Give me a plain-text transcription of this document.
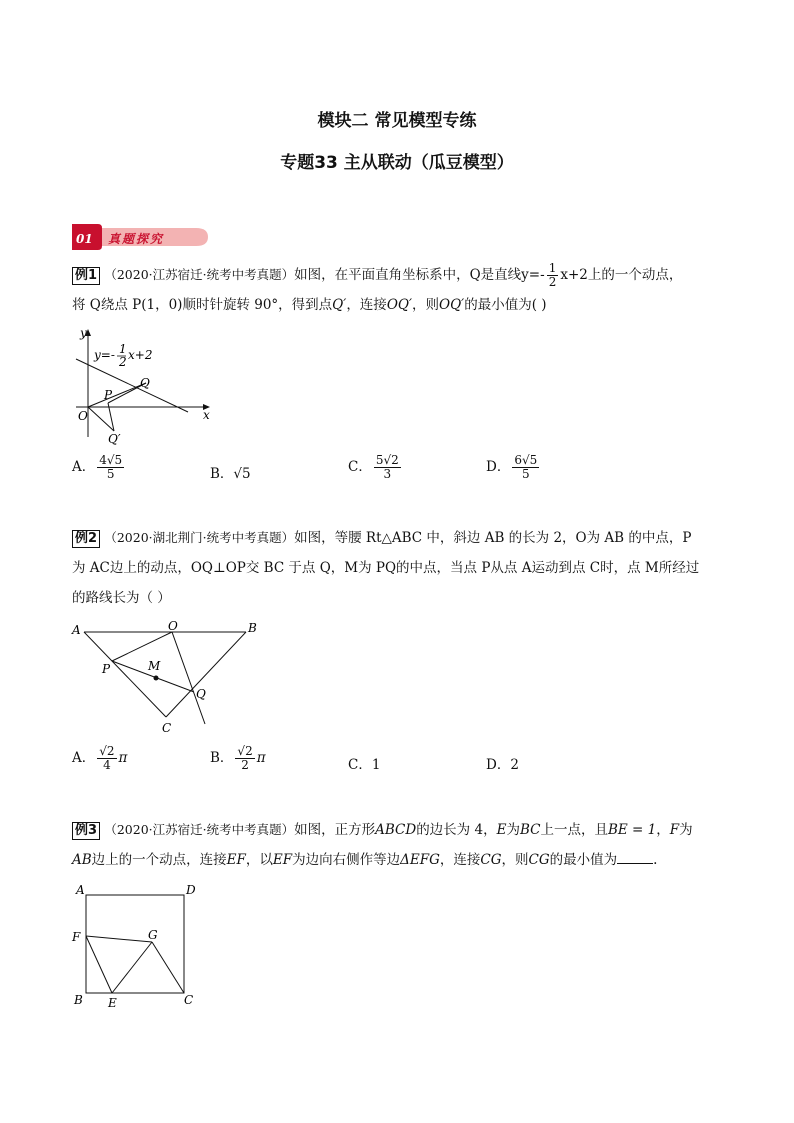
模块二 常见模型专练
专题33 主从联动（瓜豆模型）
01 真题探究
例1 （2020·江苏宿迁·统考中考真题）如图，在平面直角坐标系中，Q是直线$y=- \frac{1}{2} x+2$上的一个动点，
将 Q绕点 P(1，0)顺时针旋转 90°，得到点Q′，连接OQ′，则OQ′的最小值为( )
y
x
O
P
Q
Q′
y=- 1
2 x+2
A． $\frac{4√5}{5}$	B．√5	C． $\frac{5√2}{3}$	D． $\frac{6√5}{5}$
例2 （2020·湖北荆门·统考中考真题）如图，等腰 Rt△ABC 中，斜边 AB 的长为 2，O为 AB 的中点，P
为 AC边上的动点，OQ⊥OP交 BC 于点 Q，M为 PQ的中点，当点 P从点 A运动到点 C时，点 M所经过
的路线长为（ ）
A	B
O
P	M
Q
C
A． $\frac{√2}{4}$ π	B． $\frac{√2}{2}$ π	C．1	D．2
例3 （2020·江苏宿迁·统考中考真题）如图，正方形ABCD的边长为 4，E为BC上一点，且BE = 1，F为
AB边上的一个动点，连接EF，以EF为边向右侧作等边ΔEFG，连接CG，则CG的最小值为	.
A	D
F	G
B E	C
